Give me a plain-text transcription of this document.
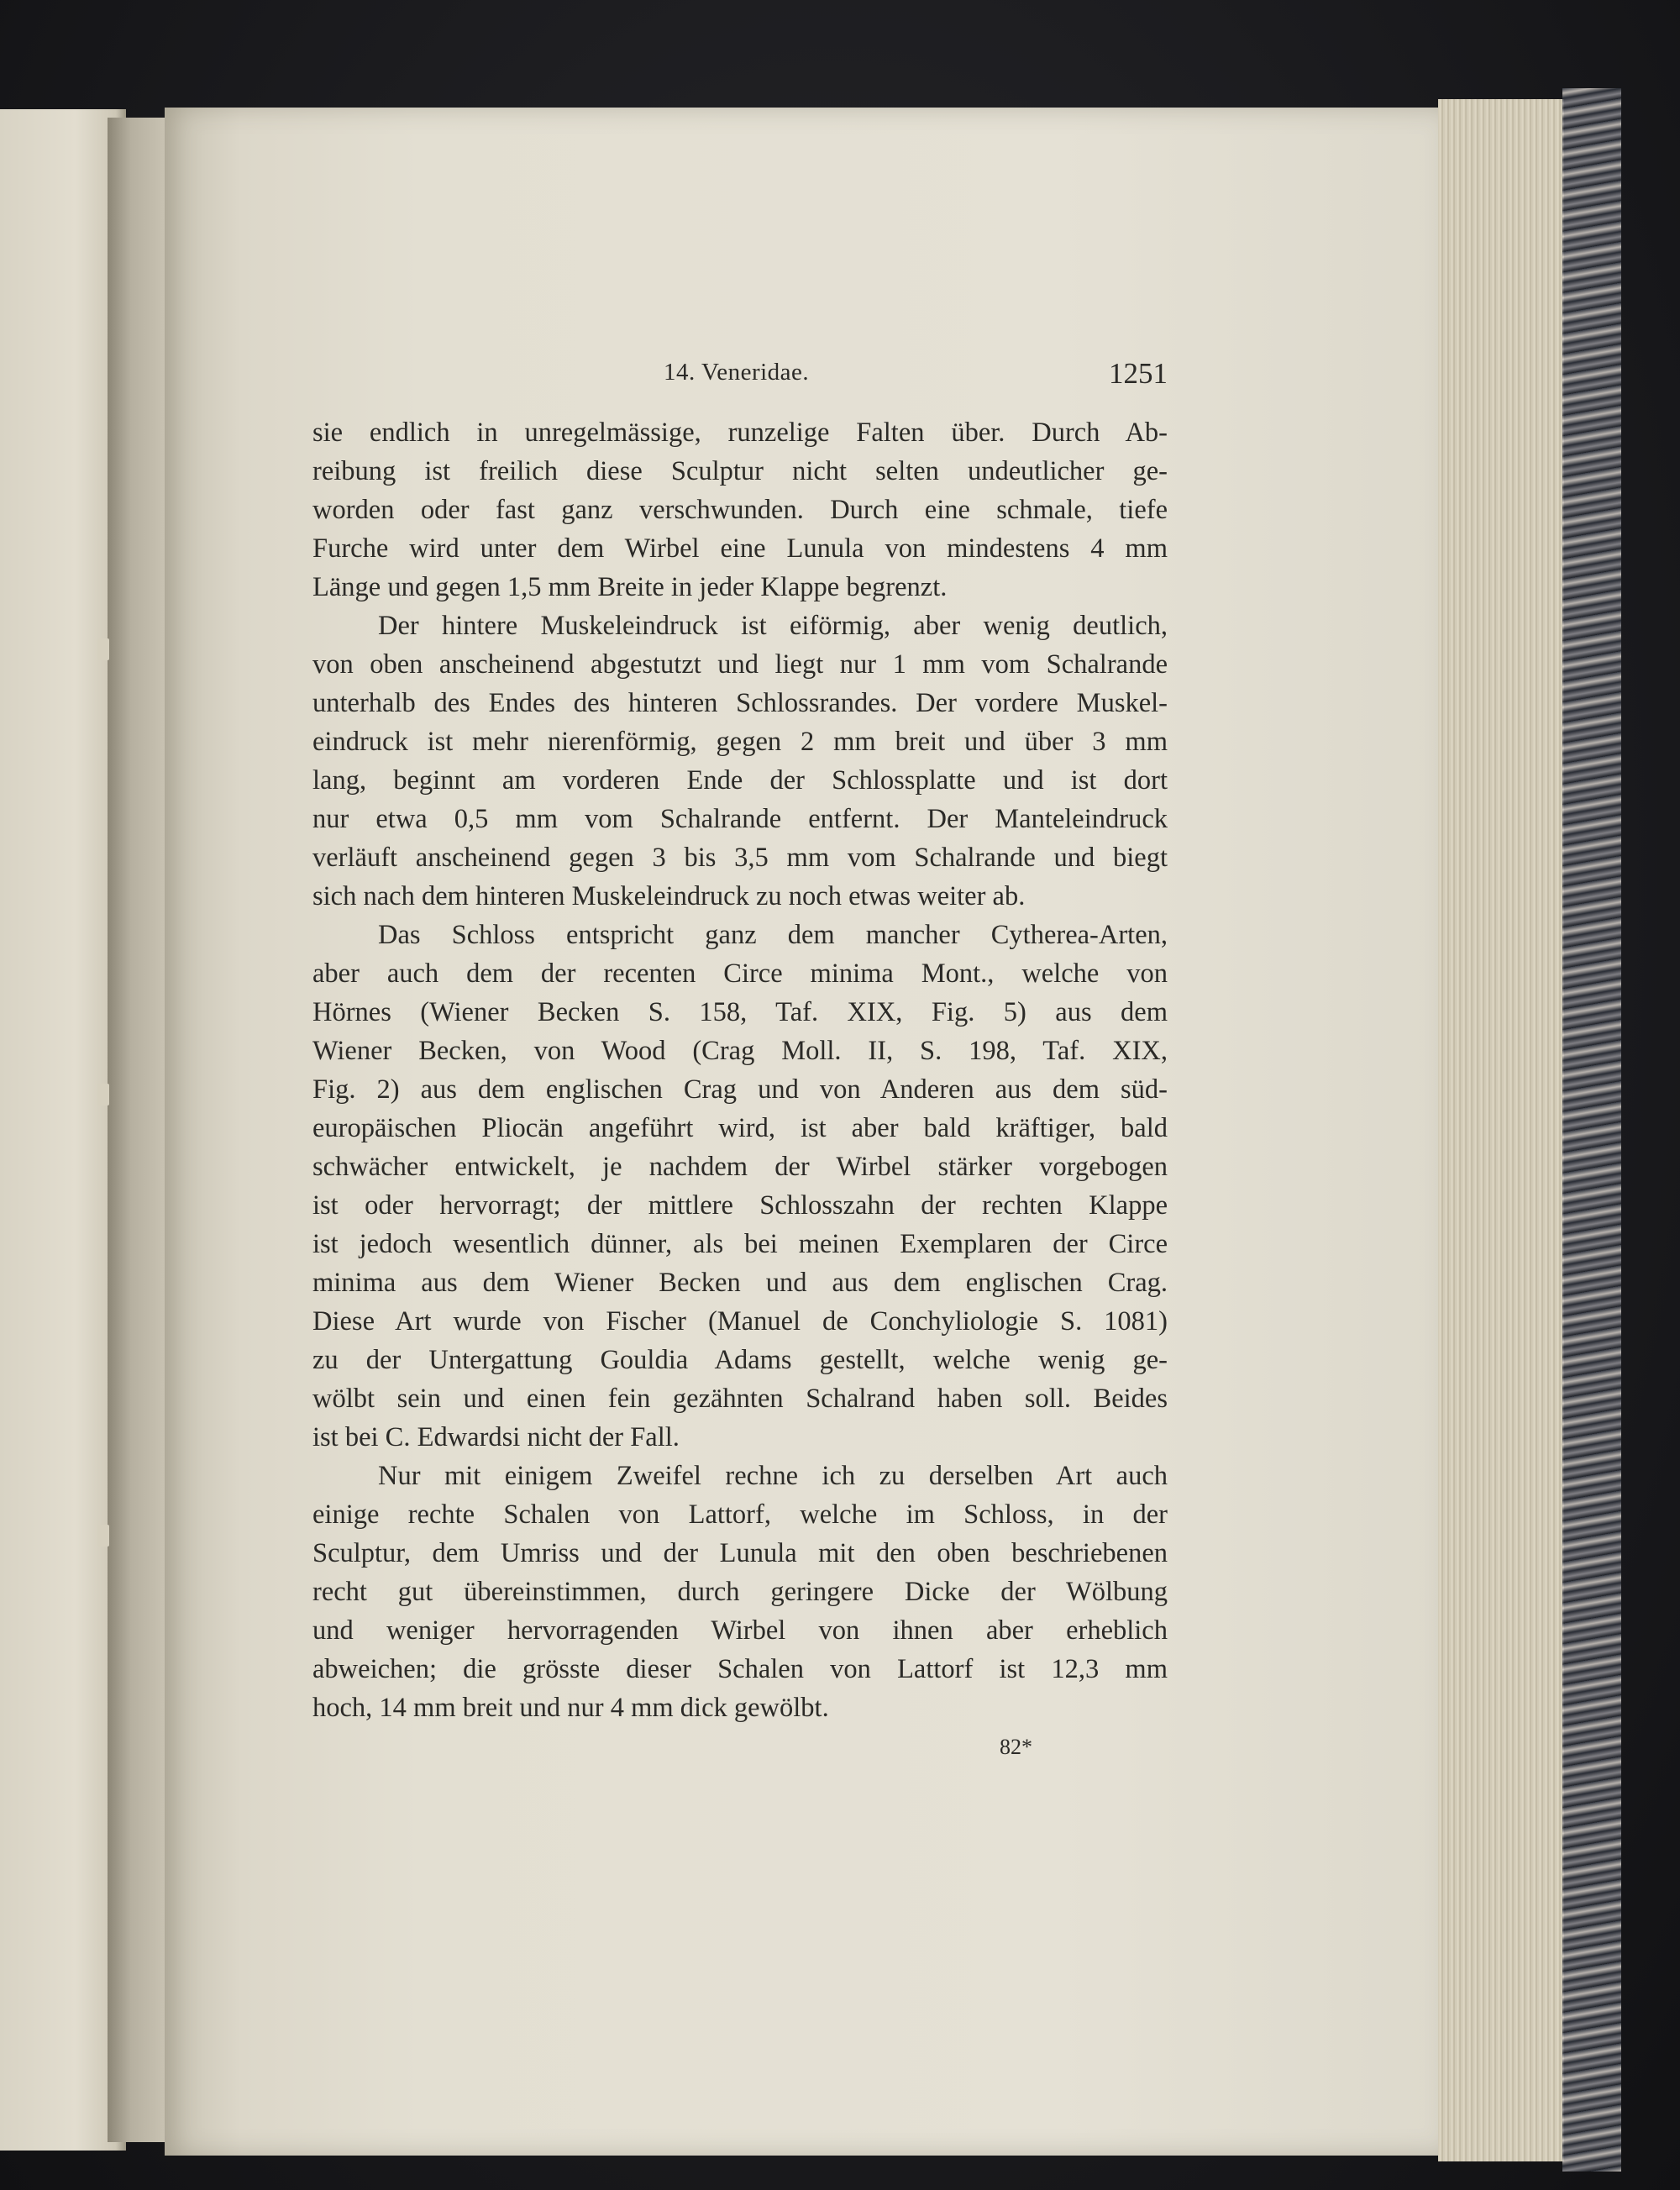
14. Veneridae.	1251
sie endlich in unregelmässige, runzelige Falten über. Durch Ab-
reibung ist freilich diese Sculptur nicht selten undeutlicher ge-
worden oder fast ganz verschwunden. Durch eine schmale, tiefe
Furche wird unter dem Wirbel eine Lunula von mindestens 4 mm
Länge und gegen 1,5 mm Breite in jeder Klappe begrenzt.
Der hintere Muskeleindruck ist eiförmig, aber wenig deutlich,
von oben anscheinend abgestutzt und liegt nur 1 mm vom Schalrande
unterhalb des Endes des hinteren Schlossrandes. Der vordere Muskel-
eindruck ist mehr nierenförmig, gegen 2 mm breit und über 3 mm
lang, beginnt am vorderen Ende der Schlossplatte und ist dort
nur etwa 0,5 mm vom Schalrande entfernt. Der Manteleindruck
verläuft anscheinend gegen 3 bis 3,5 mm vom Schalrande und biegt
sich nach dem hinteren Muskeleindruck zu noch etwas weiter ab.
Das Schloss entspricht ganz dem mancher Cytherea-Arten,
aber auch dem der recenten Circe minima Mont., welche von
Hörnes (Wiener Becken S. 158, Taf. XIX, Fig. 5) aus dem
Wiener Becken, von Wood (Crag Moll. II, S. 198, Taf. XIX,
Fig. 2) aus dem englischen Crag und von Anderen aus dem süd-
europäischen Pliocän angeführt wird, ist aber bald kräftiger, bald
schwächer entwickelt, je nachdem der Wirbel stärker vorgebogen
ist oder hervorragt; der mittlere Schlosszahn der rechten Klappe
ist jedoch wesentlich dünner, als bei meinen Exemplaren der Circe
minima aus dem Wiener Becken und aus dem englischen Crag.
Diese Art wurde von Fischer (Manuel de Conchyliologie S. 1081)
zu der Untergattung Gouldia Adams gestellt, welche wenig ge-
wölbt sein und einen fein gezähnten Schalrand haben soll. Beides
ist bei C. Edwardsi nicht der Fall.
Nur mit einigem Zweifel rechne ich zu derselben Art auch
einige rechte Schalen von Lattorf, welche im Schloss, in der
Sculptur, dem Umriss und der Lunula mit den oben beschriebenen
recht gut übereinstimmen, durch geringere Dicke der Wölbung
und weniger hervorragenden Wirbel von ihnen aber erheblich
abweichen; die grösste dieser Schalen von Lattorf ist 12,3 mm
hoch, 14 mm breit und nur 4 mm dick gewölbt.
82*
